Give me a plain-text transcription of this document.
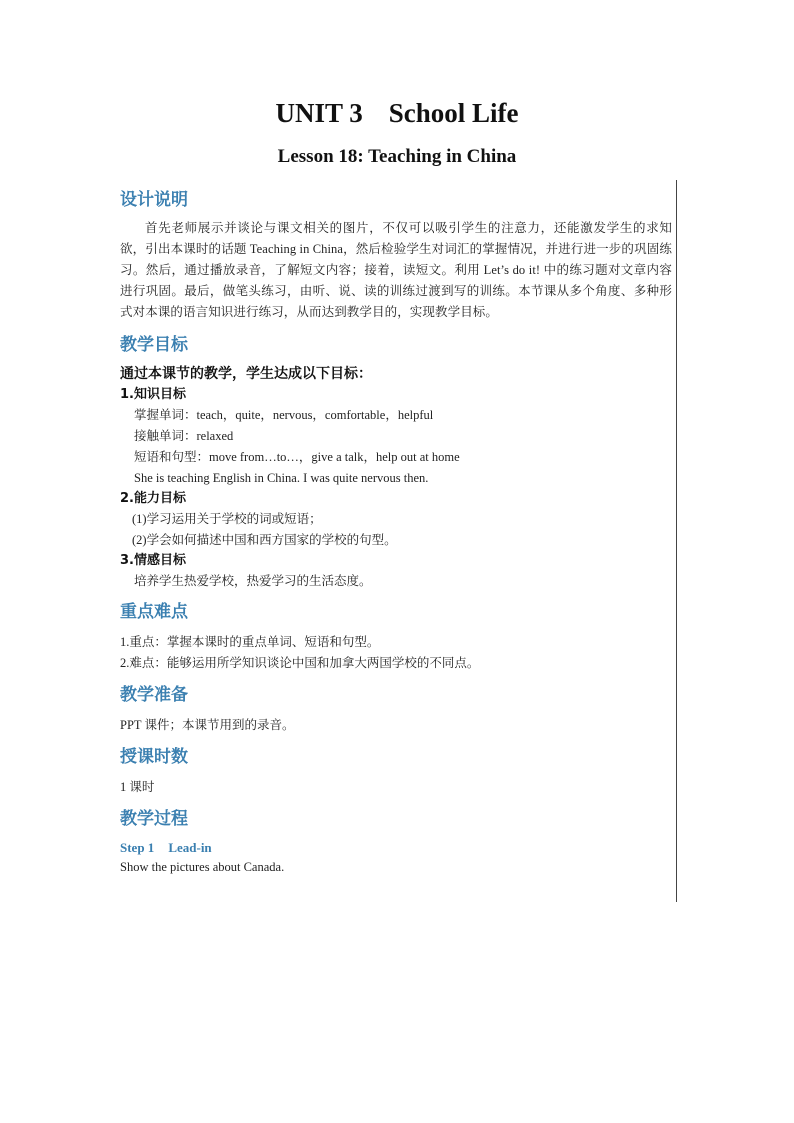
UNIT 3 School Life
Lesson 18: Teaching in China
设计说明
首先老师展示并谈论与课文相关的图片，不仅可以吸引学生的注意力，还能激发学生的求知欲，引出本课时的话题 Teaching in China，然后检验学生对词汇的掌握情况，并进行进一步的巩固练习。然后，通过播放录音，了解短文内容；接着，读短文。利用 Let’s do it! 中的练习题对文章内容进行巩固。最后，做笔头练习，由听、说、读的训练过渡到写的训练。本节课从多个角度、多种形式对本课的语言知识进行练习，从而达到教学目的，实现教学目标。
教学目标
通过本课节的教学，学生达成以下目标：
1.知识目标
掌握单词：teach，quite，nervous，comfortable，helpful
接触单词：relaxed
短语和句型：move from…to…，give a talk，help out at home
She is teaching English in China. I was quite nervous then.
2.能力目标
(1)学习运用关于学校的词或短语；
(2)学会如何描述中国和西方国家的学校的句型。
3.情感目标
培养学生热爱学校，热爱学习的生活态度。
重点难点
1.重点：掌握本课时的重点单词、短语和句型。
2.难点：能够运用所学知识谈论中国和加拿大两国学校的不同点。
教学准备
PPT 课件；本课节用到的录音。
授课时数
1 课时
教学过程
Step 1 Lead-in
Show the pictures about Canada.
